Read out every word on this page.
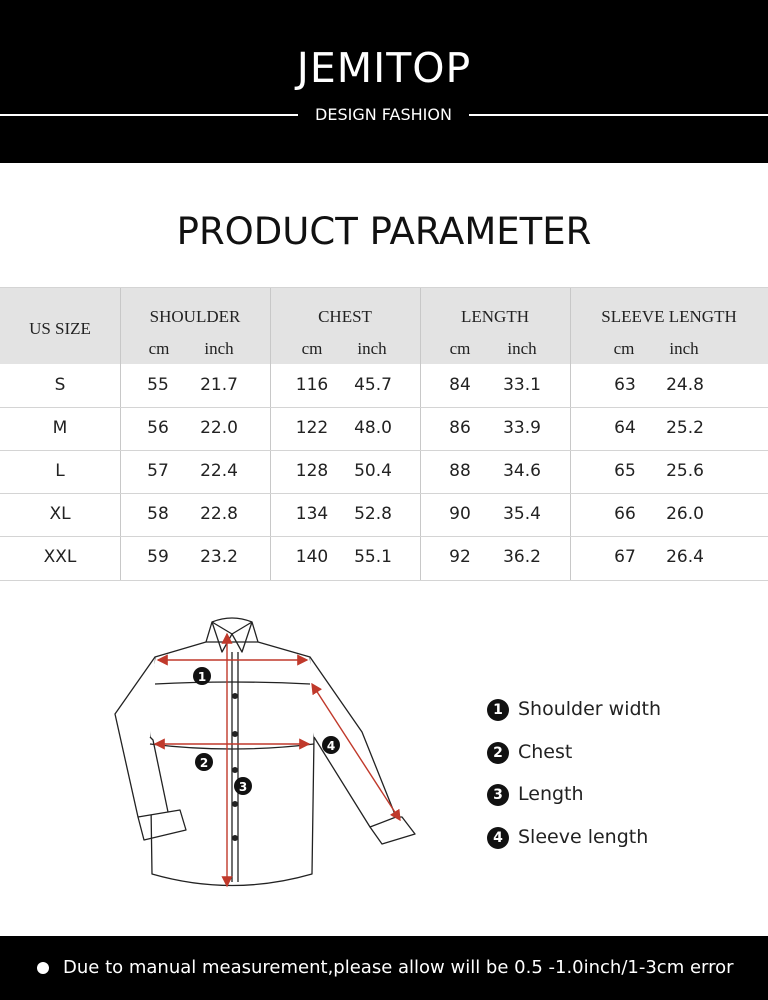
JEMITOP
DESIGN FASHION
PRODUCT PARAMETER
US SIZE
SHOULDER
cm	inch
CHEST
cm	inch
LENGTH
cm	inch
SLEEVE LENGTH
cm	inch
S	55	21.7	116	45.7	84	33.1	63	24.8
M	56	22.0	122	48.0	86	33.9	64	25.2
L	57	22.4	128	50.4	88	34.6	65	25.6
XL	58	22.8	134	52.8	90	35.4	66	26.0
XXL	59	23.2	140	55.1	92	36.2	67	26.4
1
2
3
4
1 Shoulder width
2 Chest
3 Length
4 Sleeve length
Due to manual measurement,please allow will be 0.5 -1.0inch/1-3cm error
